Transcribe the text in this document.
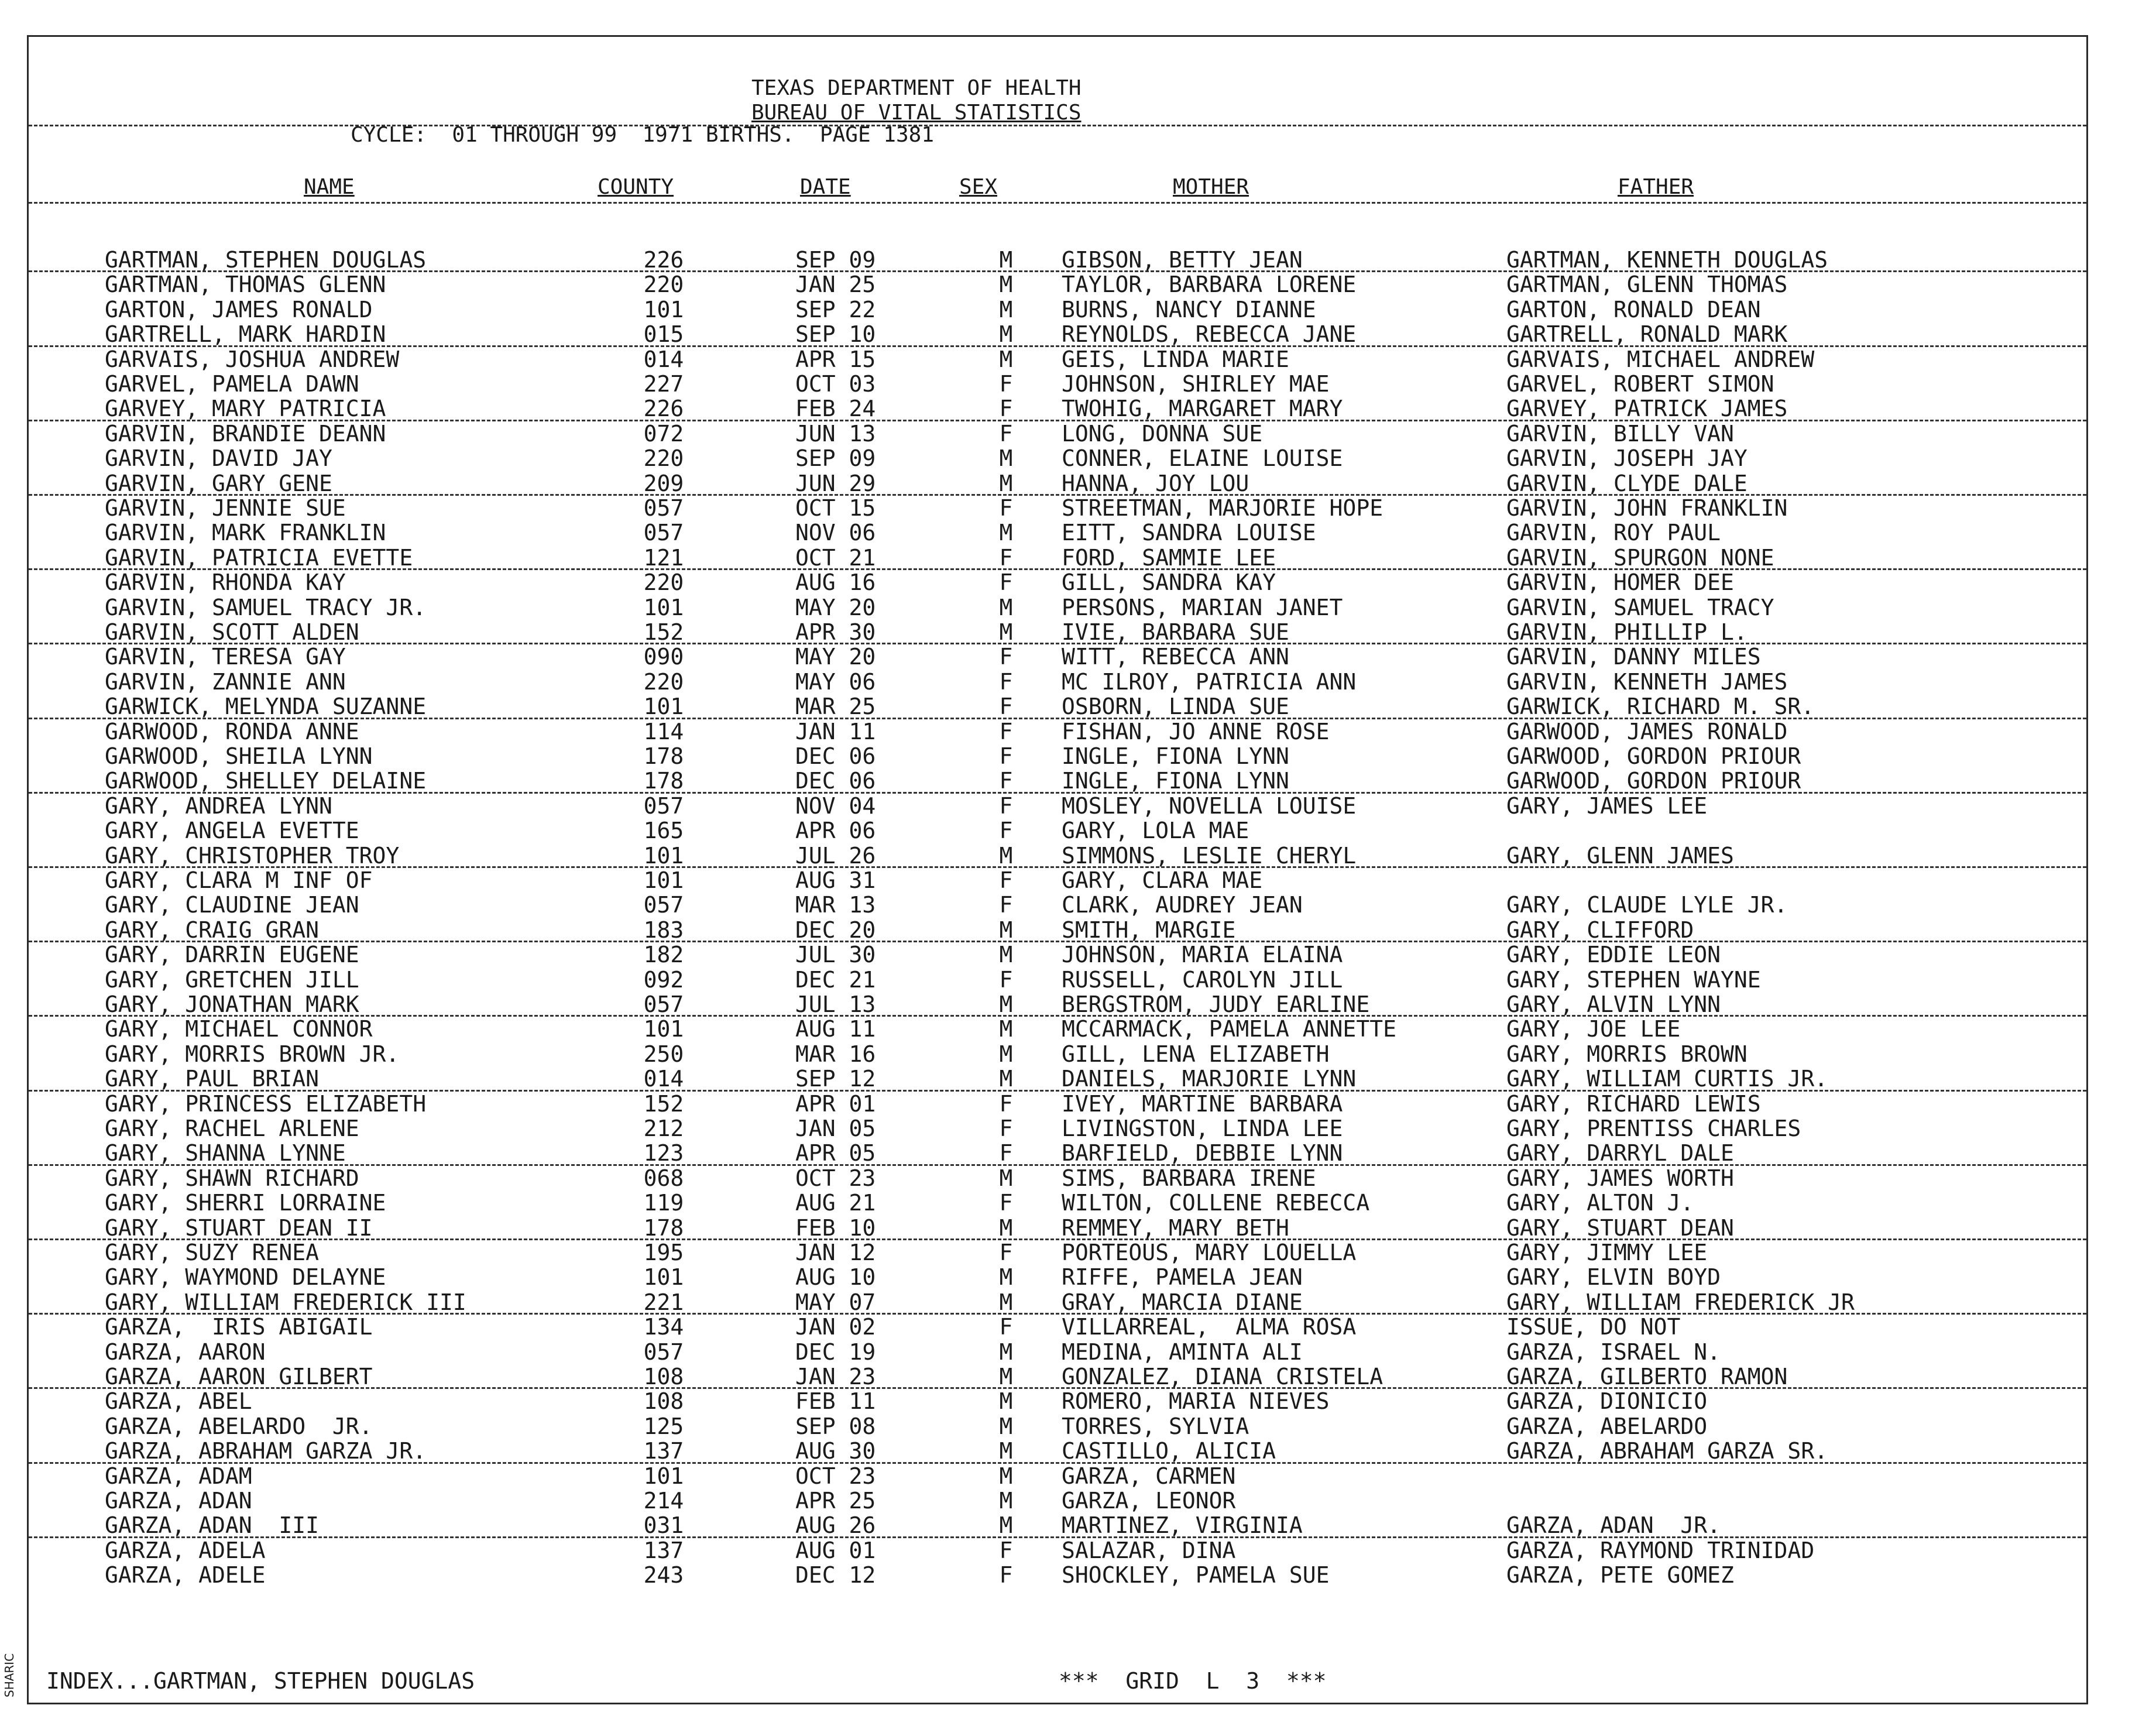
SHARIC
TEXAS DEPARTMENT OF HEALTH
BUREAU OF VITAL STATISTICS
CYCLE:  01 THROUGH 99  1971 BIRTHS.  PAGE 1381
NAME	COUNTY	DATE	SEX	MOTHER	FATHER
GARTMAN, STEPHEN DOUGLAS	226	SEP 09	M	GIBSON, BETTY JEAN	GARTMAN, KENNETH DOUGLAS
GARTMAN, THOMAS GLENN	220	JAN 25	M	TAYLOR, BARBARA LORENE	GARTMAN, GLENN THOMAS
GARTON, JAMES RONALD	101	SEP 22	M	BURNS, NANCY DIANNE	GARTON, RONALD DEAN
GARTRELL, MARK HARDIN	015	SEP 10	M	REYNOLDS, REBECCA JANE	GARTRELL, RONALD MARK
GARVAIS, JOSHUA ANDREW	014	APR 15	M	GEIS, LINDA MARIE	GARVAIS, MICHAEL ANDREW
GARVEL, PAMELA DAWN	227	OCT 03	F	JOHNSON, SHIRLEY MAE	GARVEL, ROBERT SIMON
GARVEY, MARY PATRICIA	226	FEB 24	F	TWOHIG, MARGARET MARY	GARVEY, PATRICK JAMES
GARVIN, BRANDIE DEANN	072	JUN 13	F	LONG, DONNA SUE	GARVIN, BILLY VAN
GARVIN, DAVID JAY	220	SEP 09	M	CONNER, ELAINE LOUISE	GARVIN, JOSEPH JAY
GARVIN, GARY GENE	209	JUN 29	M	HANNA, JOY LOU	GARVIN, CLYDE DALE
GARVIN, JENNIE SUE	057	OCT 15	F	STREETMAN, MARJORIE HOPE	GARVIN, JOHN FRANKLIN
GARVIN, MARK FRANKLIN	057	NOV 06	M	EITT, SANDRA LOUISE	GARVIN, ROY PAUL
GARVIN, PATRICIA EVETTE	121	OCT 21	F	FORD, SAMMIE LEE	GARVIN, SPURGON NONE
GARVIN, RHONDA KAY	220	AUG 16	F	GILL, SANDRA KAY	GARVIN, HOMER DEE
GARVIN, SAMUEL TRACY JR.	101	MAY 20	M	PERSONS, MARIAN JANET	GARVIN, SAMUEL TRACY
GARVIN, SCOTT ALDEN	152	APR 30	M	IVIE, BARBARA SUE	GARVIN, PHILLIP L.
GARVIN, TERESA GAY	090	MAY 20	F	WITT, REBECCA ANN	GARVIN, DANNY MILES
GARVIN, ZANNIE ANN	220	MAY 06	F	MC ILROY, PATRICIA ANN	GARVIN, KENNETH JAMES
GARWICK, MELYNDA SUZANNE	101	MAR 25	F	OSBORN, LINDA SUE	GARWICK, RICHARD M. SR.
GARWOOD, RONDA ANNE	114	JAN 11	F	FISHAN, JO ANNE ROSE	GARWOOD, JAMES RONALD
GARWOOD, SHEILA LYNN	178	DEC 06	F	INGLE, FIONA LYNN	GARWOOD, GORDON PRIOUR
GARWOOD, SHELLEY DELAINE	178	DEC 06	F	INGLE, FIONA LYNN	GARWOOD, GORDON PRIOUR
GARY, ANDREA LYNN	057	NOV 04	F	MOSLEY, NOVELLA LOUISE	GARY, JAMES LEE
GARY, ANGELA EVETTE	165	APR 06	F	GARY, LOLA MAE
GARY, CHRISTOPHER TROY	101	JUL 26	M	SIMMONS, LESLIE CHERYL	GARY, GLENN JAMES
GARY, CLARA M INF OF	101	AUG 31	F	GARY, CLARA MAE
GARY, CLAUDINE JEAN	057	MAR 13	F	CLARK, AUDREY JEAN	GARY, CLAUDE LYLE JR.
GARY, CRAIG GRAN	183	DEC 20	M	SMITH, MARGIE	GARY, CLIFFORD
GARY, DARRIN EUGENE	182	JUL 30	M	JOHNSON, MARIA ELAINA	GARY, EDDIE LEON
GARY, GRETCHEN JILL	092	DEC 21	F	RUSSELL, CAROLYN JILL	GARY, STEPHEN WAYNE
GARY, JONATHAN MARK	057	JUL 13	M	BERGSTROM, JUDY EARLINE	GARY, ALVIN LYNN
GARY, MICHAEL CONNOR	101	AUG 11	M	MCCARMACK, PAMELA ANNETTE	GARY, JOE LEE
GARY, MORRIS BROWN JR.	250	MAR 16	M	GILL, LENA ELIZABETH	GARY, MORRIS BROWN
GARY, PAUL BRIAN	014	SEP 12	M	DANIELS, MARJORIE LYNN	GARY, WILLIAM CURTIS JR.
GARY, PRINCESS ELIZABETH	152	APR 01	F	IVEY, MARTINE BARBARA	GARY, RICHARD LEWIS
GARY, RACHEL ARLENE	212	JAN 05	F	LIVINGSTON, LINDA LEE	GARY, PRENTISS CHARLES
GARY, SHANNA LYNNE	123	APR 05	F	BARFIELD, DEBBIE LYNN	GARY, DARRYL DALE
GARY, SHAWN RICHARD	068	OCT 23	M	SIMS, BARBARA IRENE	GARY, JAMES WORTH
GARY, SHERRI LORRAINE	119	AUG 21	F	WILTON, COLLENE REBECCA	GARY, ALTON J.
GARY, STUART DEAN II	178	FEB 10	M	REMMEY, MARY BETH	GARY, STUART DEAN
GARY, SUZY RENEA	195	JAN 12	F	PORTEOUS, MARY LOUELLA	GARY, JIMMY LEE
GARY, WAYMOND DELAYNE	101	AUG 10	M	RIFFE, PAMELA JEAN	GARY, ELVIN BOYD
GARY, WILLIAM FREDERICK III	221	MAY 07	M	GRAY, MARCIA DIANE	GARY, WILLIAM FREDERICK JR
GARZA,  IRIS ABIGAIL	134	JAN 02	F	VILLARREAL,  ALMA ROSA	ISSUE, DO NOT
GARZA, AARON	057	DEC 19	M	MEDINA, AMINTA ALI	GARZA, ISRAEL N.
GARZA, AARON GILBERT	108	JAN 23	M	GONZALEZ, DIANA CRISTELA	GARZA, GILBERTO RAMON
GARZA, ABEL	108	FEB 11	M	ROMERO, MARIA NIEVES	GARZA, DIONICIO
GARZA, ABELARDO  JR.	125	SEP 08	M	TORRES, SYLVIA	GARZA, ABELARDO
GARZA, ABRAHAM GARZA JR.	137	AUG 30	M	CASTILLO, ALICIA	GARZA, ABRAHAM GARZA SR.
GARZA, ADAM	101	OCT 23	M	GARZA, CARMEN
GARZA, ADAN	214	APR 25	M	GARZA, LEONOR
GARZA, ADAN  III	031	AUG 26	M	MARTINEZ, VIRGINIA	GARZA, ADAN  JR.
GARZA, ADELA	137	AUG 01	F	SALAZAR, DINA	GARZA, RAYMOND TRINIDAD
GARZA, ADELE	243	DEC 12	F	SHOCKLEY, PAMELA SUE	GARZA, PETE GOMEZ
INDEX...GARTMAN, STEPHEN DOUGLAS	***  GRID  L  3  ***
